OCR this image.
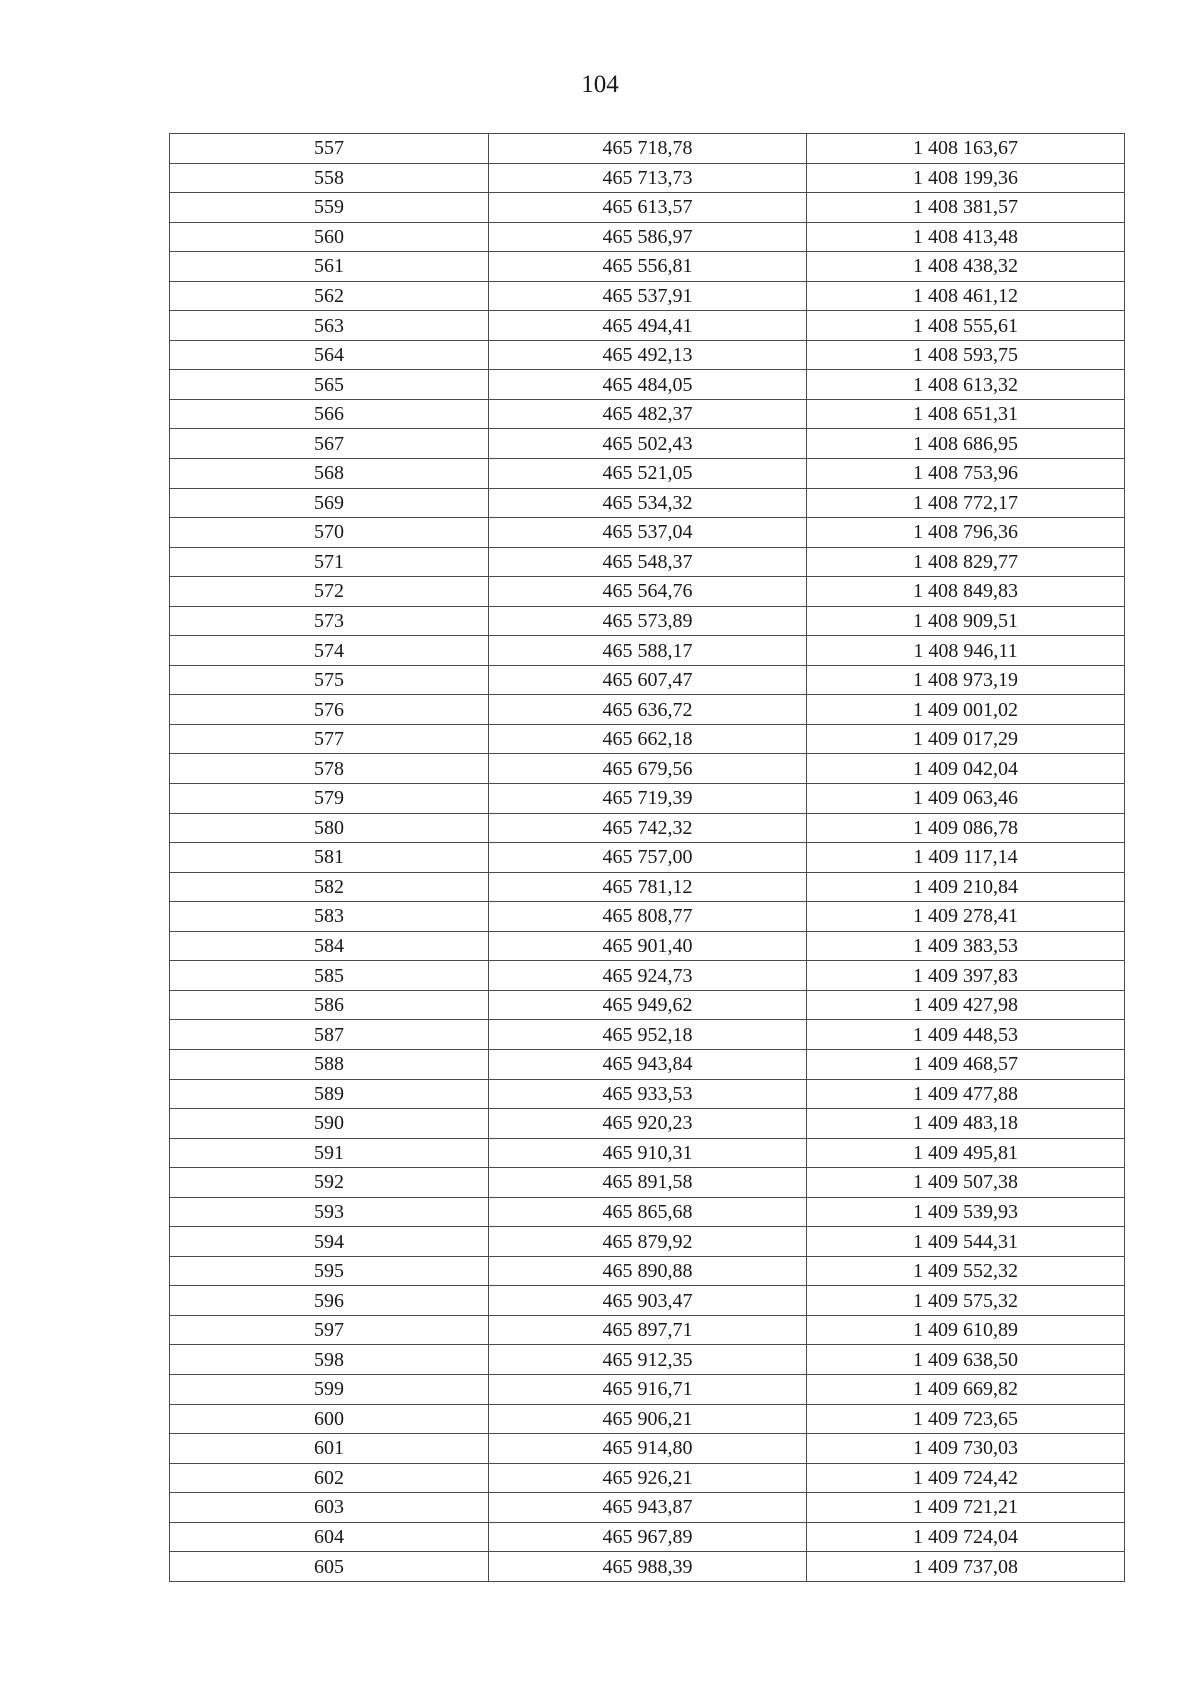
104
557	465 718,78	1 408 163,67
558	465 713,73	1 408 199,36
559	465 613,57	1 408 381,57
560	465 586,97	1 408 413,48
561	465 556,81	1 408 438,32
562	465 537,91	1 408 461,12
563	465 494,41	1 408 555,61
564	465 492,13	1 408 593,75
565	465 484,05	1 408 613,32
566	465 482,37	1 408 651,31
567	465 502,43	1 408 686,95
568	465 521,05	1 408 753,96
569	465 534,32	1 408 772,17
570	465 537,04	1 408 796,36
571	465 548,37	1 408 829,77
572	465 564,76	1 408 849,83
573	465 573,89	1 408 909,51
574	465 588,17	1 408 946,11
575	465 607,47	1 408 973,19
576	465 636,72	1 409 001,02
577	465 662,18	1 409 017,29
578	465 679,56	1 409 042,04
579	465 719,39	1 409 063,46
580	465 742,32	1 409 086,78
581	465 757,00	1 409 117,14
582	465 781,12	1 409 210,84
583	465 808,77	1 409 278,41
584	465 901,40	1 409 383,53
585	465 924,73	1 409 397,83
586	465 949,62	1 409 427,98
587	465 952,18	1 409 448,53
588	465 943,84	1 409 468,57
589	465 933,53	1 409 477,88
590	465 920,23	1 409 483,18
591	465 910,31	1 409 495,81
592	465 891,58	1 409 507,38
593	465 865,68	1 409 539,93
594	465 879,92	1 409 544,31
595	465 890,88	1 409 552,32
596	465 903,47	1 409 575,32
597	465 897,71	1 409 610,89
598	465 912,35	1 409 638,50
599	465 916,71	1 409 669,82
600	465 906,21	1 409 723,65
601	465 914,80	1 409 730,03
602	465 926,21	1 409 724,42
603	465 943,87	1 409 721,21
604	465 967,89	1 409 724,04
605	465 988,39	1 409 737,08
